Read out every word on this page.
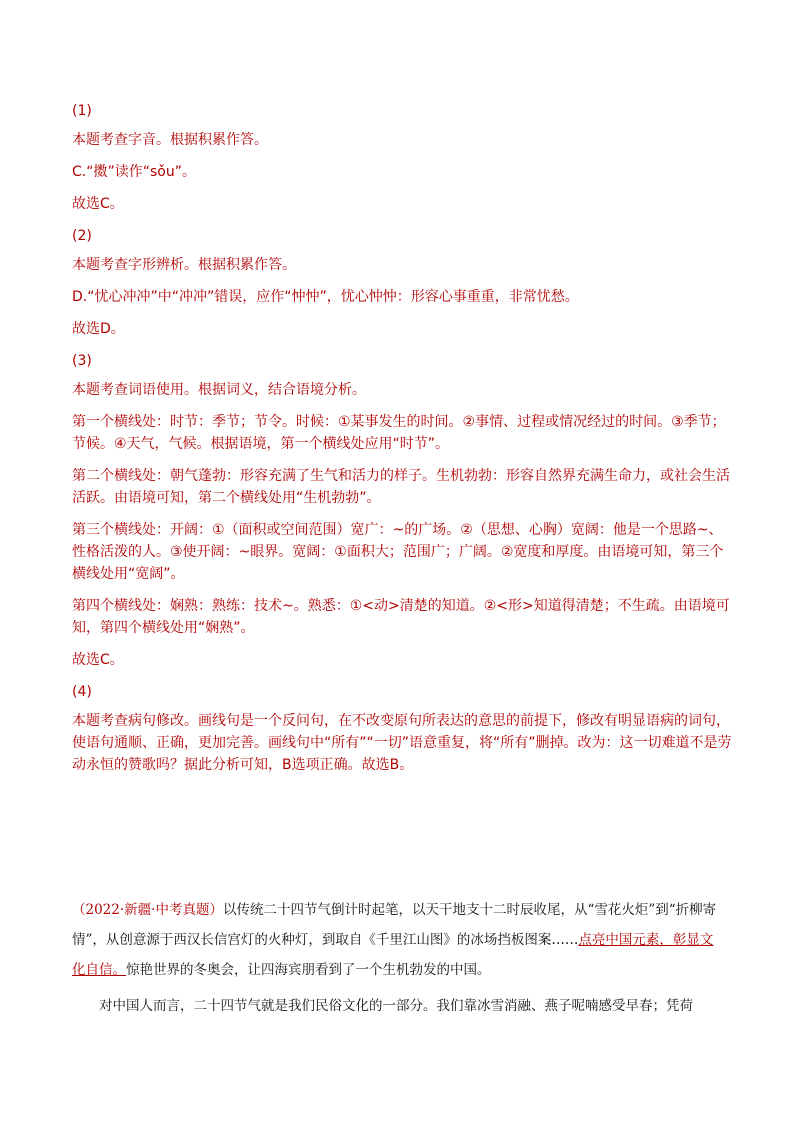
(1)

本题考查字音。根据积累作答。

C.“擞”读作“sǒu”。

故选C。

(2)

本题考查字形辨析。根据积累作答。

D.“忧心冲冲”中“冲冲”错误，应作“忡忡”，忧心忡忡：形容心事重重，非常忧愁。

故选D。

(3)

本题考查词语使用。根据词义，结合语境分析。

第一个横线处：时节：季节；节令。时候：①某事发生的时间。②事情、过程或情况经过的时间。③季节；节候。④天气，气候。根据语境，第一个横线处应用“时节”。

第二个横线处：朝气蓬勃：形容充满了生气和活力的样子。生机勃勃：形容自然界充满生命力，或社会生活活跃。由语境可知，第二个横线处用“生机勃勃”。

第三个横线处：开阔：①（面积或空间范围）宽广：~的广场。②（思想、心胸）宽阔：他是一个思路~、性格活泼的人。③使开阔：~眼界。宽阔：①面积大；范围广；广阔。②宽度和厚度。由语境可知，第三个横线处用“宽阔”。

第四个横线处：娴熟：熟练：技术~。熟悉：①<动>清楚的知道。②<形>知道得清楚；不生疏。由语境可知，第四个横线处用“娴熟”。

故选C。

(4)

本题考查病句修改。画线句是一个反问句，在不改变原句所表达的意思的前提下，修改有明显语病的词句，使语句通顺、正确，更加完善。画线句中“所有”“一切”语意重复，将“所有”删掉。改为：这一切难道不是劳动永恒的赞歌吗？据此分析可知，B选项正确。故选B。

（2022·新疆·中考真题）以传统二十四节气倒计时起笔，以天干地支十二时辰收尾，从“雪花火炬”到“折柳寄情”，从创意源于西汉长信宫灯的火种灯，到取自《千里江山图》的冰场挡板图案……点亮中国元素，彰显文化自信。惊艳世界的冬奥会，让四海宾朋看到了一个生机勃发的中国。

对中国人而言，二十四节气就是我们民俗文化的一部分。我们靠冰雪消融、燕子呢喃感受早春；凭荷
